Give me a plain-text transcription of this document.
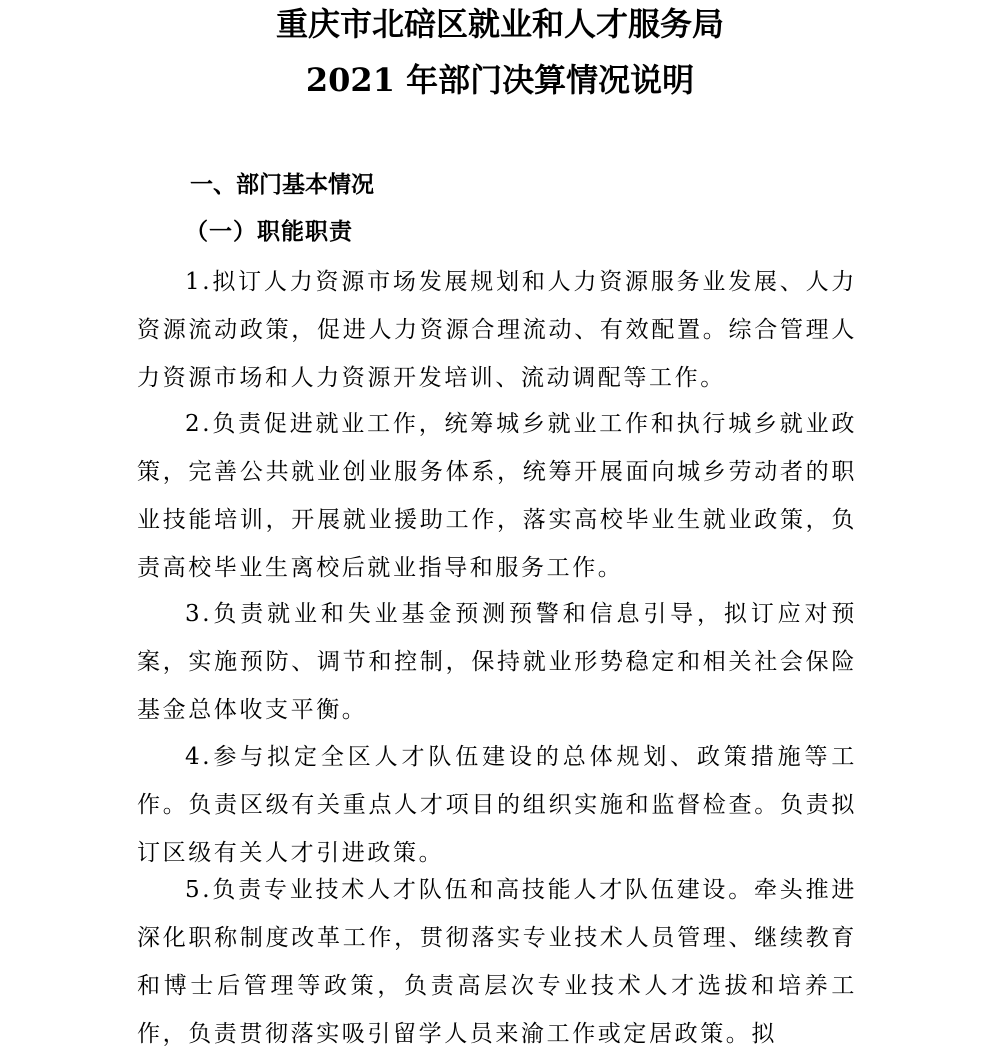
重庆市北碚区就业和人才服务局
2021 年部门决算情况说明
一、部门基本情况
（一）职能职责

1.拟订人力资源市场发展规划和人力资源服务业发展、人力资源流动政策，促进人力资源合理流动、有效配置。综合管理人力资源市场和人力资源开发培训、流动调配等工作。

2.负责促进就业工作，统筹城乡就业工作和执行城乡就业政策，完善公共就业创业服务体系，统筹开展面向城乡劳动者的职业技能培训，开展就业援助工作，落实高校毕业生就业政策，负责高校毕业生离校后就业指导和服务工作。

3.负责就业和失业基金预测预警和信息引导，拟订应对预案，实施预防、调节和控制，保持就业形势稳定和相关社会保险基金总体收支平衡。

4.参与拟定全区人才队伍建设的总体规划、政策措施等工作。负责区级有关重点人才项目的组织实施和监督检查。负责拟订区级有关人才引进政策。

5.负责专业技术人才队伍和高技能人才队伍建设。牵头推进深化职称制度改革工作，贯彻落实专业技术人员管理、继续教育和博士后管理等政策，负责高层次专业技术人才选拔和培养工作，负责贯彻落实吸引留学人员来渝工作或定居政策。拟
